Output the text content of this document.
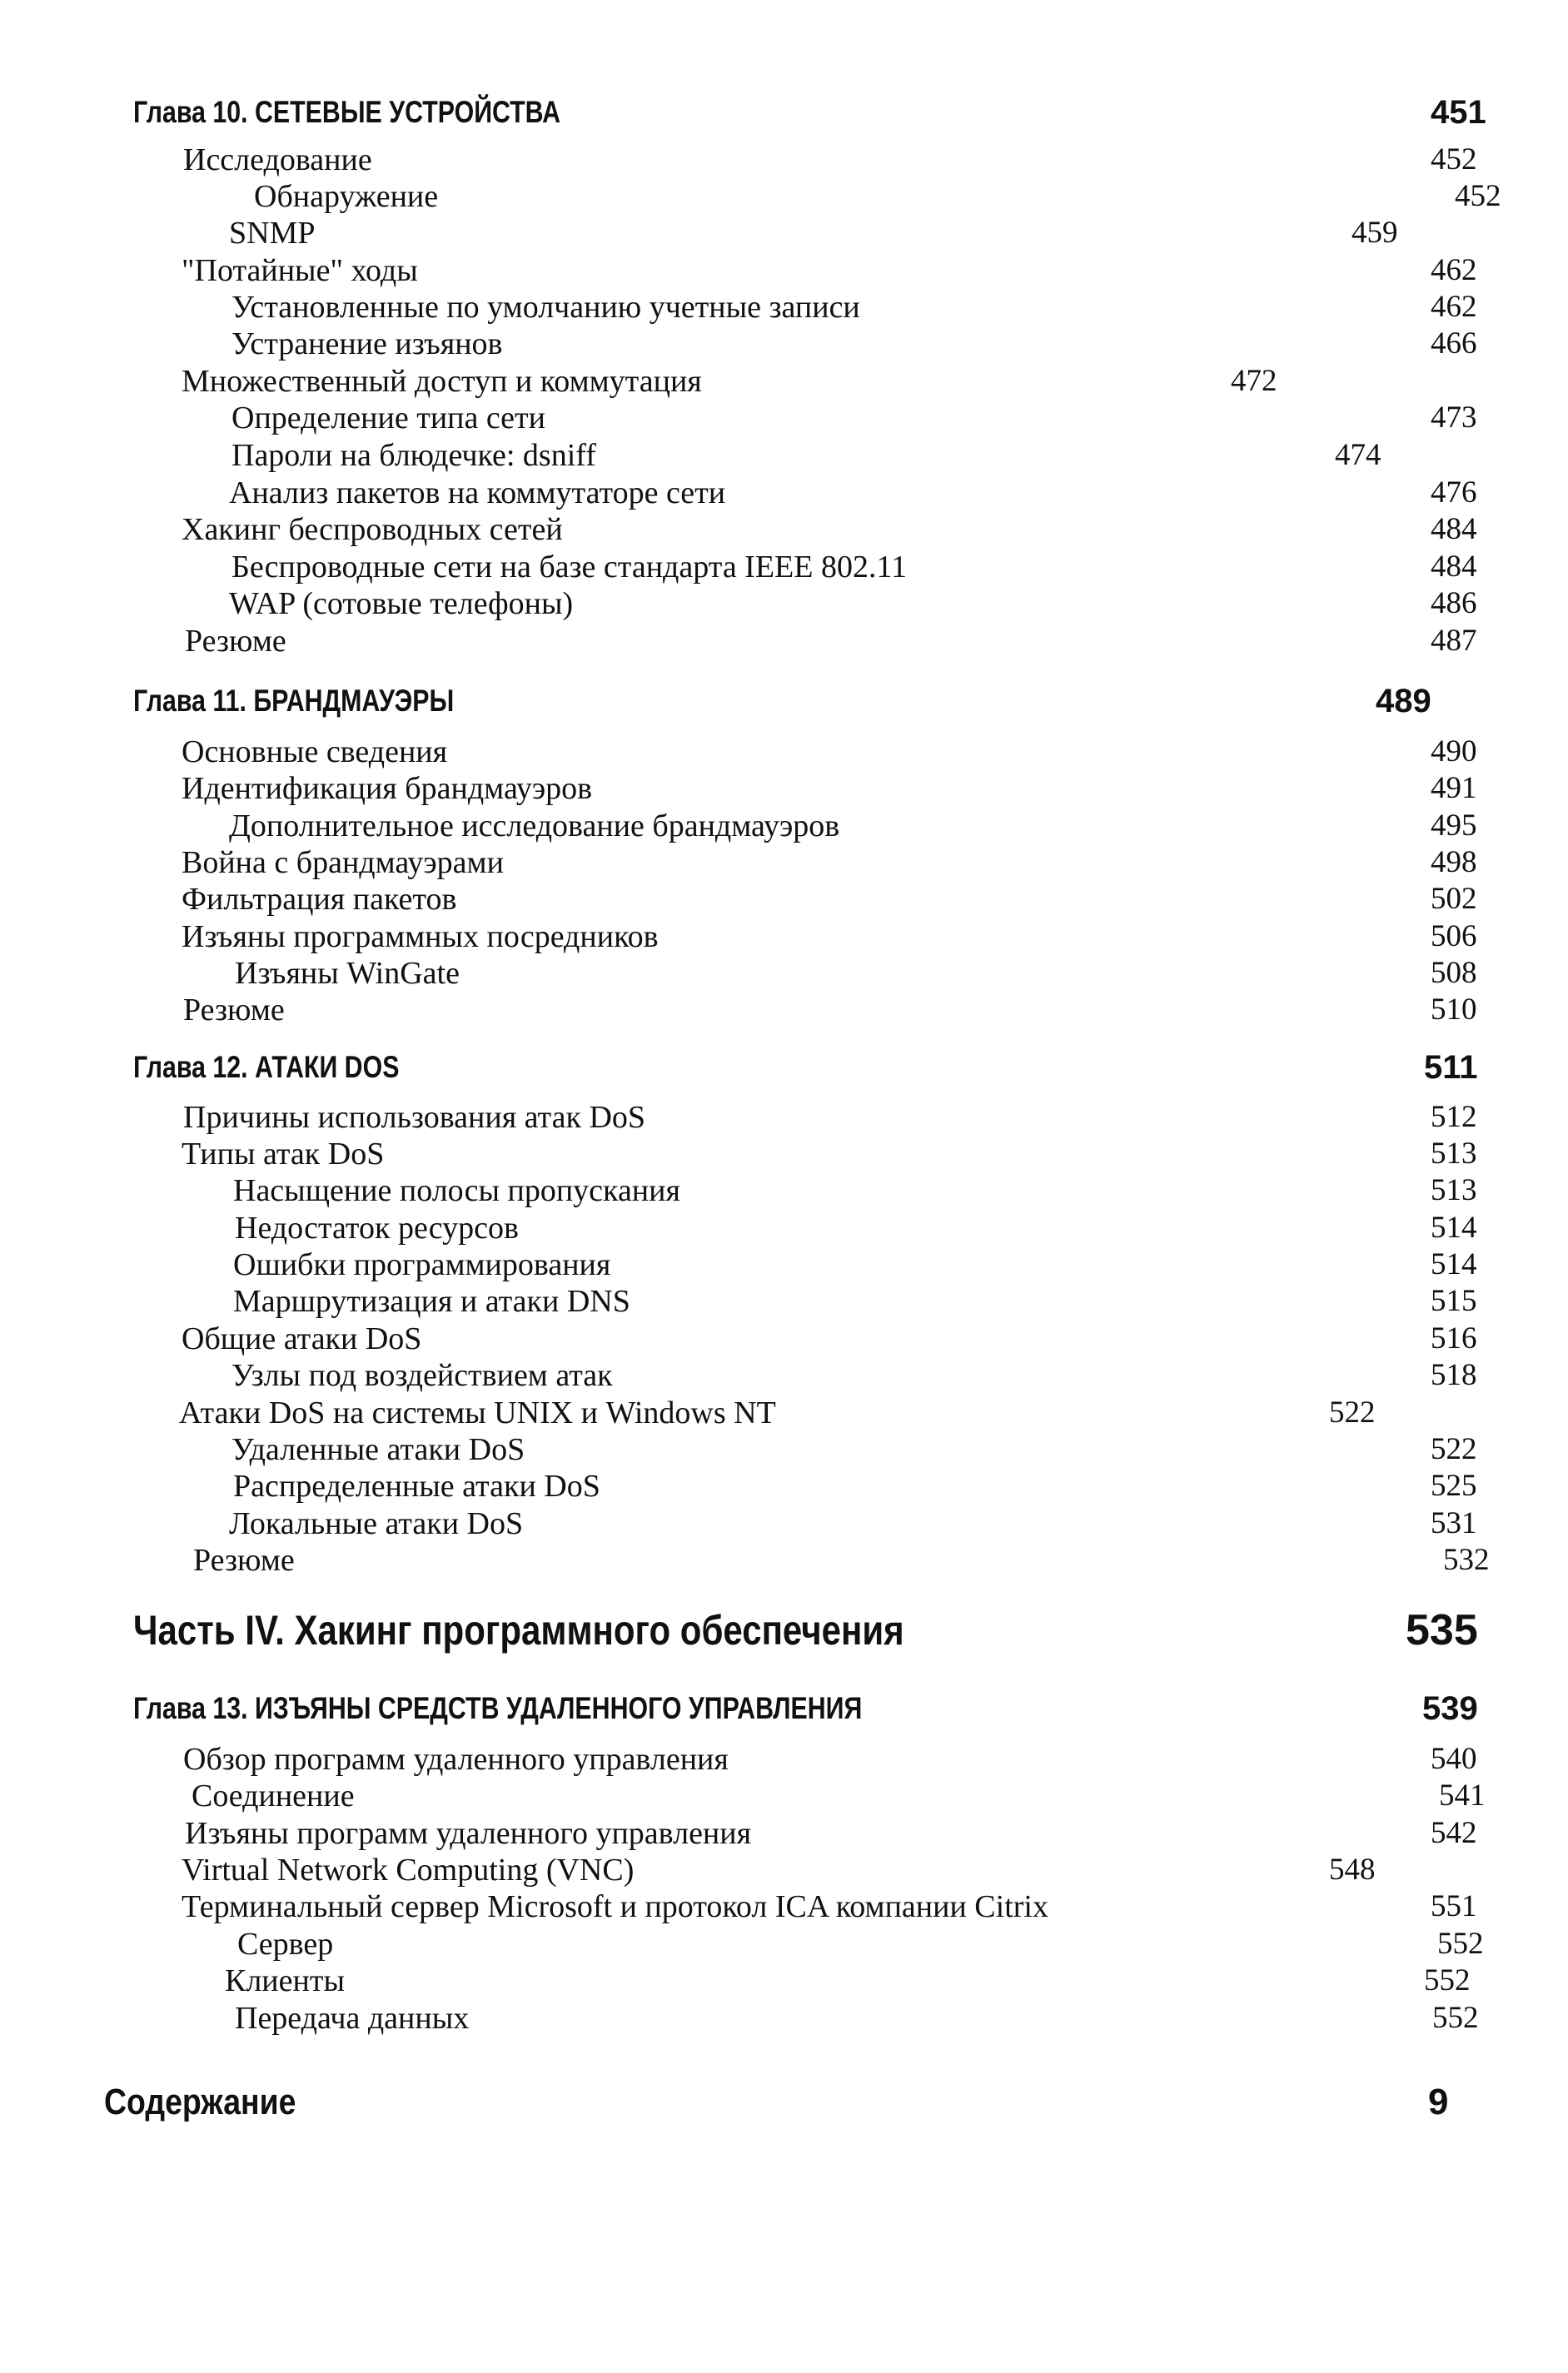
Глава 10. СЕТЕВЫЕ УСТРОЙСТВА	451
Исследование	452
Обнаружение	452
SNMP	459
"Потайные" ходы	462
Установленные по умолчанию учетные записи	462
Устранение изъянов	466
Множественный доступ и коммутация	472
Определение типа сети	473
Пароли на блюдечке: dsniff	474
Анализ пакетов на коммутаторе сети	476
Хакинг беспроводных сетей	484
Беспроводные сети на базе стандарта IEEE 802.11	484
WAP (сотовые телефоны)	486
Резюме	487
Глава 11. БРАНДМАУЭРЫ	489
Основные сведения	490
Идентификация брандмауэров	491
Дополнительное исследование брандмауэров	495
Война с брандмауэрами	498
Фильтрация пакетов	502
Изъяны программных посредников	506
Изъяны WinGate	508
Резюме	510
Глава 12. АТАКИ DOS	511
Причины использования атак DoS	512
Типы атак DoS	513
Насыщение полосы пропускания	513
Недостаток ресурсов	514
Ошибки программирования	514
Маршрутизация и атаки DNS	515
Общие атаки DoS	516
Узлы под воздействием атак	518
Атаки DoS на системы UNIX и Windows NT	522
Удаленные атаки DoS	522
Распределенные атаки DoS	525
Локальные атаки DoS	531
Резюме	532
Часть IV. Хакинг программного обеспечения	535
Глава 13. ИЗЪЯНЫ СРЕДСТВ УДАЛЕННОГО УПРАВЛЕНИЯ	539
Обзор программ удаленного управления	540
Соединение	541
Изъяны программ удаленного управления	542
Virtual Network Computing (VNC)	548
Терминальный сервер Microsoft и протокол ICA компании Citrix	551
Сервер	552
Клиенты	552
Передача данных	552
Содержание	9
